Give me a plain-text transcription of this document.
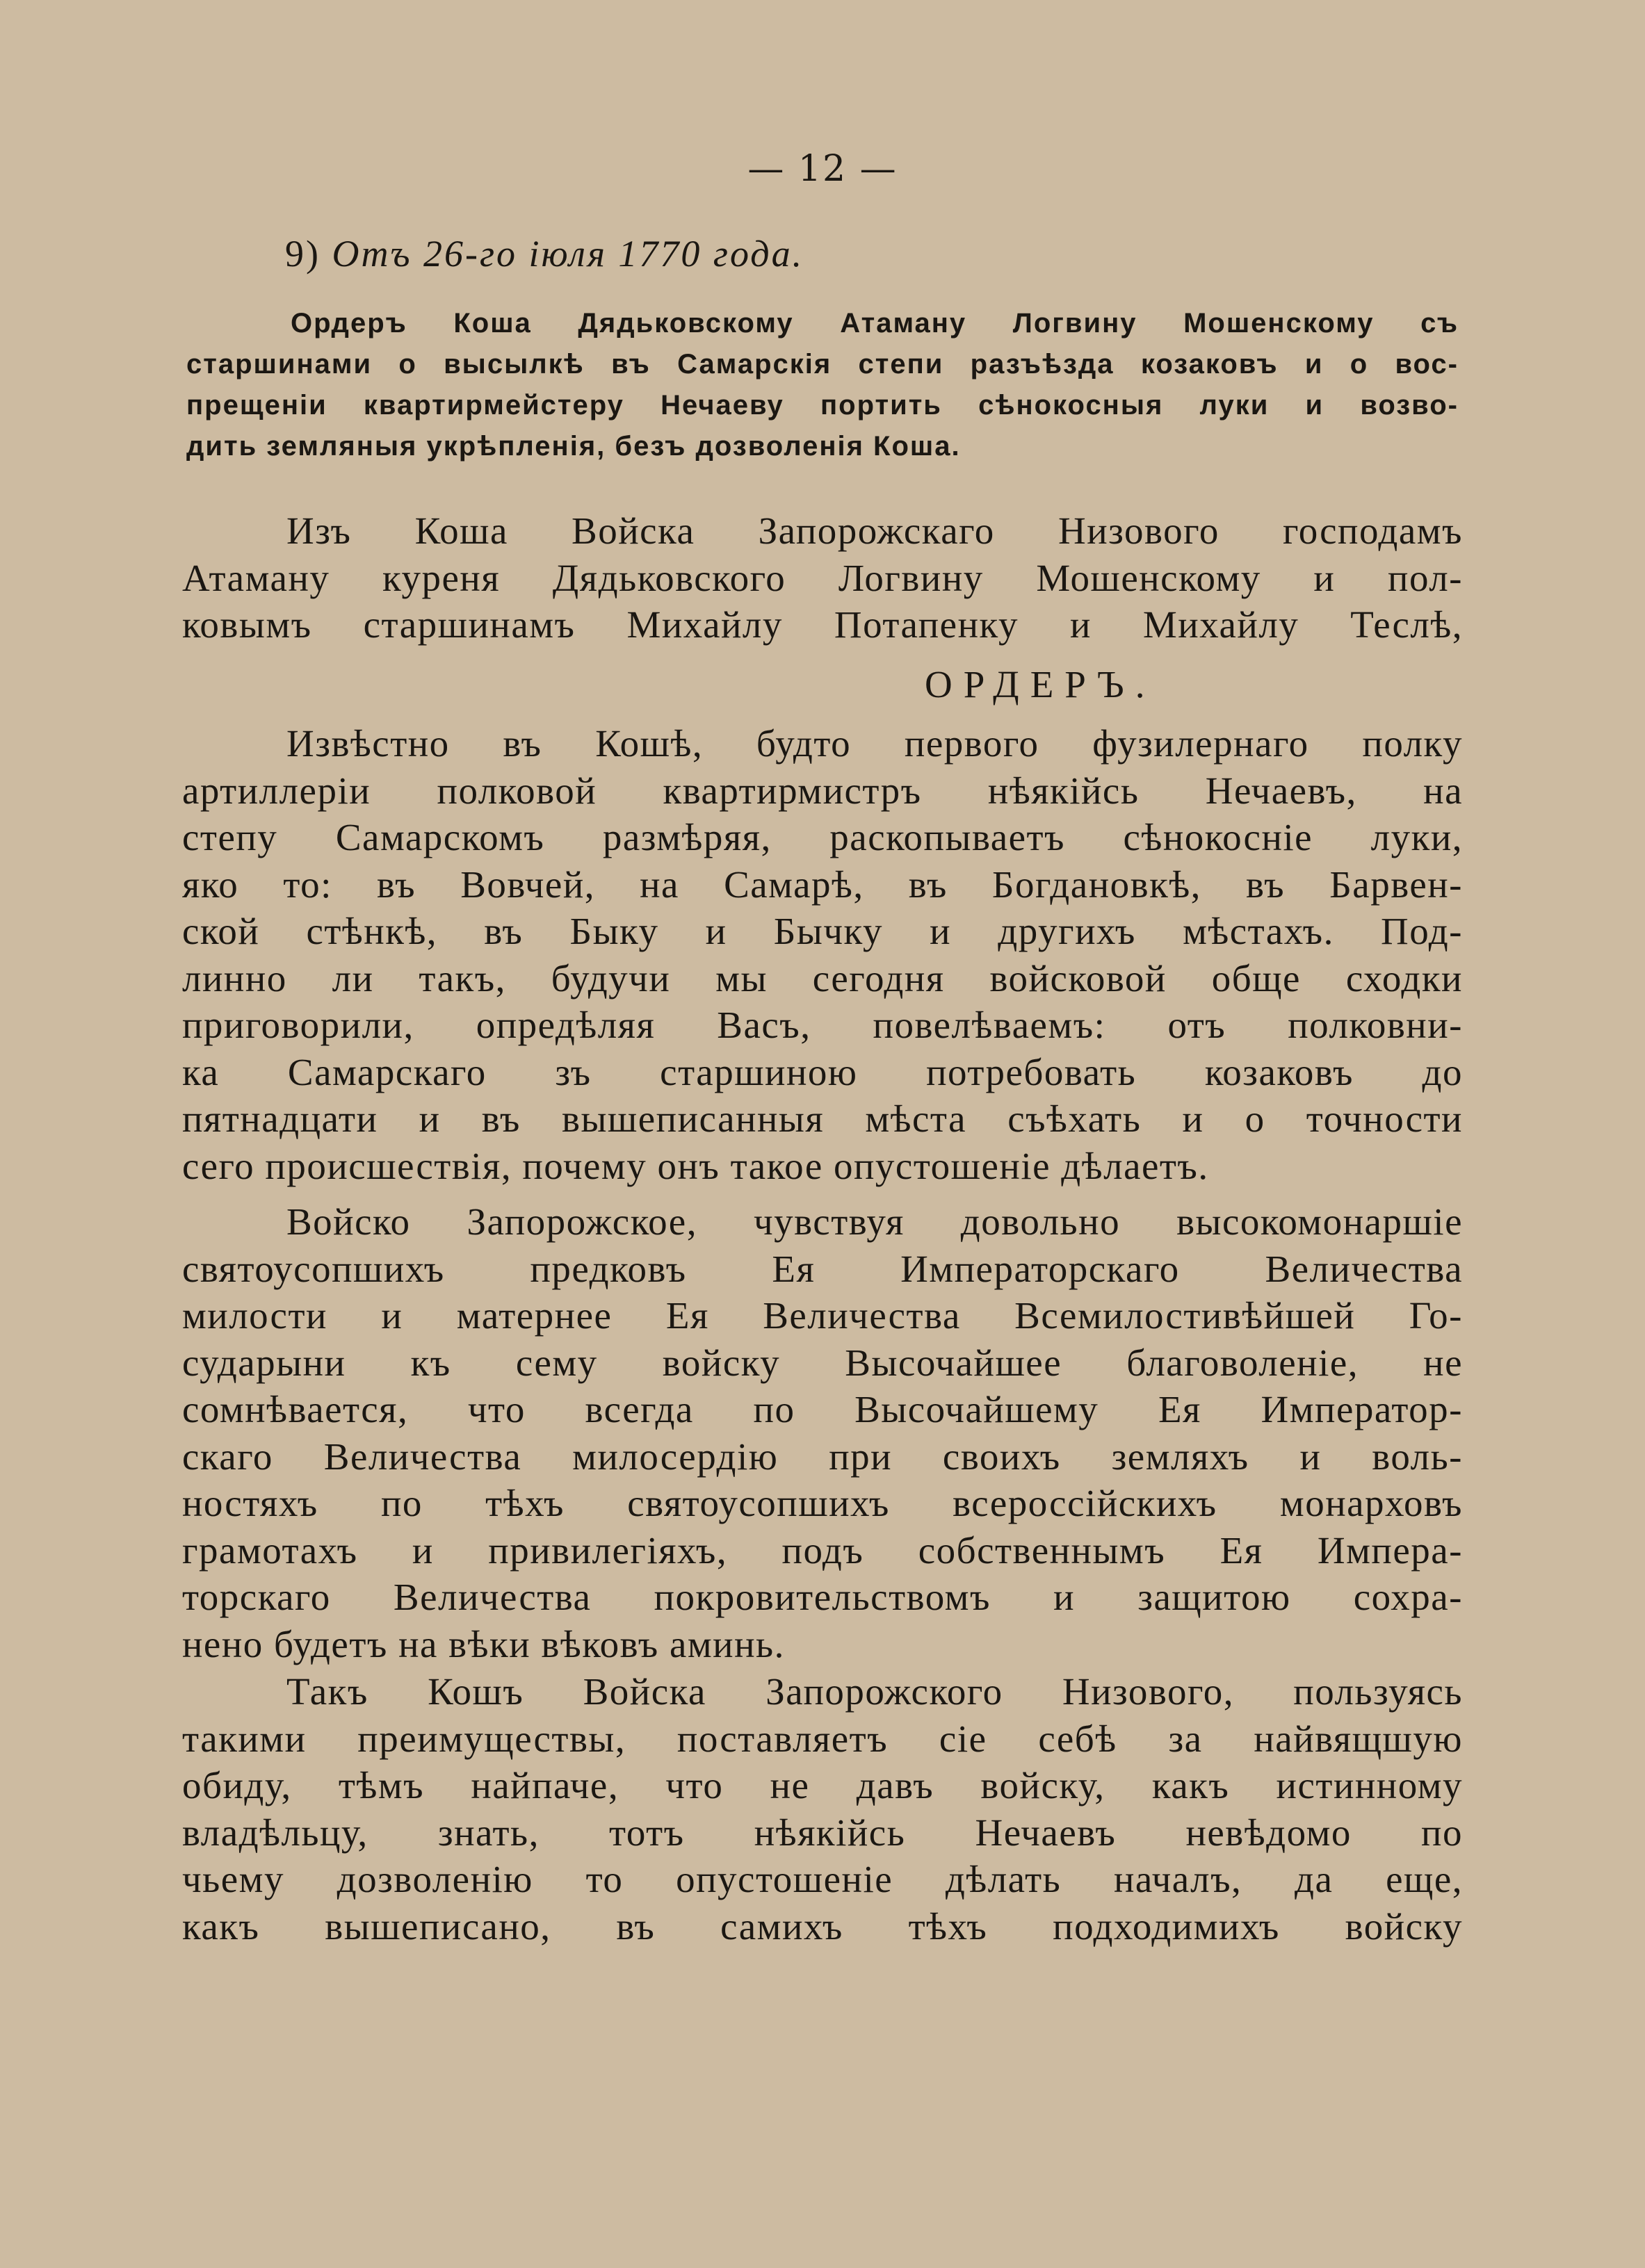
— 12 —
9) Отъ 26-го іюля 1770 года.
Ордеръ Коша Дядьковскому Атаману Логвину Мошенскому съ
старшинами о высылкѣ въ Самарскія степи разъѣзда козаковъ и о вос-
прещеніи квартирмейстеру Нечаеву портить сѣнокосныя луки и возво-
дить земляныя укрѣпленія, безъ дозволенія Коша.
Изъ Коша Войска Запорожскаго Низового господамъ
Атаману куреня Дядьковского Логвину Мошенскому и пол-
ковымъ старшинамъ Михайлу Потапенку и Михайлу Теслѣ,
ОРДЕРЪ.
Извѣстно въ Кошѣ, будто первого фузилернаго полку
артиллеріи полковой квартирмистръ нѣякійсь Нечаевъ, на
степу Самарскомъ размѣряя, раскопываетъ сѣнокосніе луки,
яко то: въ Вовчей, на Самарѣ, въ Богдановкѣ, въ Барвен-
ской стѣнкѣ, въ Быку и Бычку и другихъ мѣстахъ. Под-
линно ли такъ, будучи мы сегодня войсковой обще сходки
приговорили, опредѣляя Васъ, повелѣваемъ: отъ полковни-
ка Самарскаго зъ старшиною потребовать козаковъ до
пятнадцати и въ вышеписанныя мѣста съѣхать и о точности
сего происшествія, почему онъ такое опустошеніе дѣлаетъ.
Войско Запорожское, чувствуя довольно высокомонаршіе
святоусопшихъ предковъ Ея Императорскаго Величества
милости и матернее Ея Величества Всемилостивѣйшей Го-
сударыни къ сему войску Высочайшее благоволеніе, не
сомнѣвается, что всегда по Высочайшему Ея Император-
скаго Величества милосердію при своихъ земляхъ и воль-
ностяхъ по тѣхъ святоусопшихъ всероссійскихъ монарховъ
грамотахъ и привилегіяхъ, подъ собственнымъ Ея Импера-
торскаго Величества покровительствомъ и защитою сохра-
нено будетъ на вѣки вѣковъ аминь.
Такъ Кошъ Войска Запорожского Низового, пользуясь
такими преимуществы, поставляетъ сіе себѣ за найвящшую
обиду, тѣмъ найпаче, что не давъ войску, какъ истинному
владѣльцу, знать, тотъ нѣякійсь Нечаевъ невѣдомо по
чьему дозволенію то опустошеніе дѣлать началъ, да еще,
какъ вышеписано, въ самихъ тѣхъ подходимихъ войску
